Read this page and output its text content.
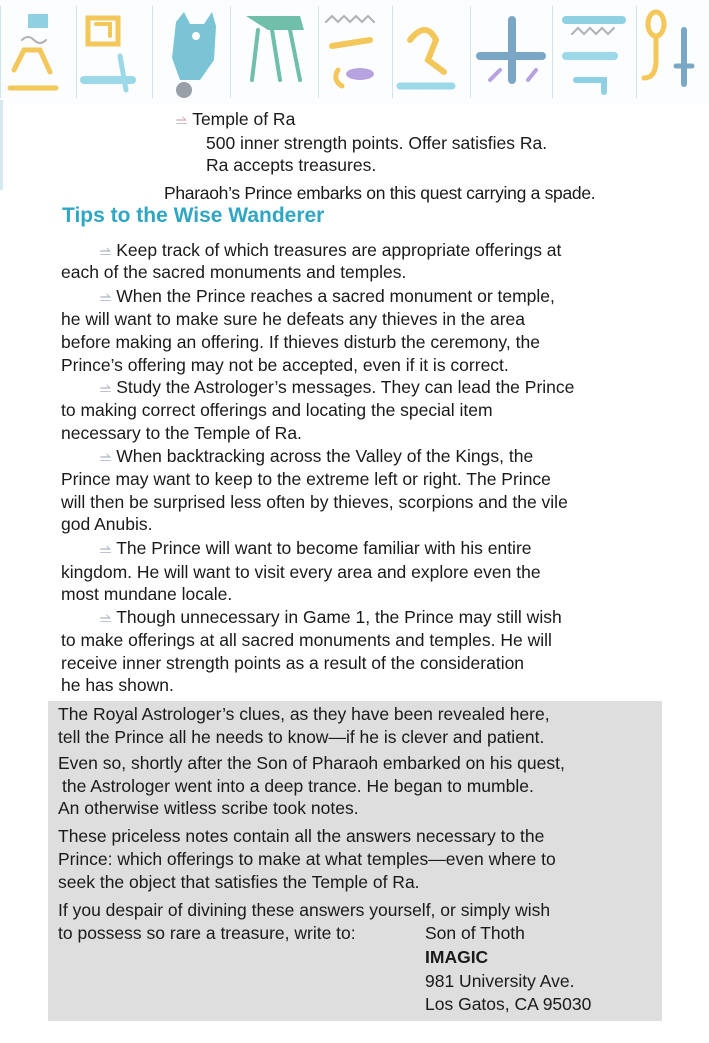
⥬ Temple of Ra
500 inner strength points. Offer satisfies Ra.
Ra accepts treasures.
Pharaoh’s Prince embarks on this quest carrying a spade.
Tips to the Wise Wanderer
⥬ Keep track of which treasures are appropriate offerings at
each of the sacred monuments and temples.
⥬ When the Prince reaches a sacred monument or temple,
he will want to make sure he defeats any thieves in the area
before making an offering. If thieves disturb the ceremony, the
Prince’s offering may not be accepted, even if it is correct.
⥬ Study the Astrologer’s messages. They can lead the Prince
to making correct offerings and locating the special item
necessary to the Temple of Ra.
⥬ When backtracking across the Valley of the Kings, the
Prince may want to keep to the extreme left or right. The Prince
will then be surprised less often by thieves, scorpions and the vile
god Anubis.
⥬ The Prince will want to become familiar with his entire
kingdom. He will want to visit every area and explore even the
most mundane locale.
⥬ Though unnecessary in Game 1, the Prince may still wish
to make offerings at all sacred monuments and temples. He will
receive inner strength points as a result of the consideration
he has shown.
The Royal Astrologer’s clues, as they have been revealed here,
tell the Prince all he needs to know—if he is clever and patient.
Even so, shortly after the Son of Pharaoh embarked on his quest,
the Astrologer went into a deep trance. He began to mumble.
An otherwise witless scribe took notes.
These priceless notes contain all the answers necessary to the
Prince: which offerings to make at what temples—even where to
seek the object that satisfies the Temple of Ra.
If you despair of divining these answers yourself, or simply wish
to possess so rare a treasure, write to:	Son of Thoth
IMAGIC
981 University Ave.
Los Gatos, CA 95030
